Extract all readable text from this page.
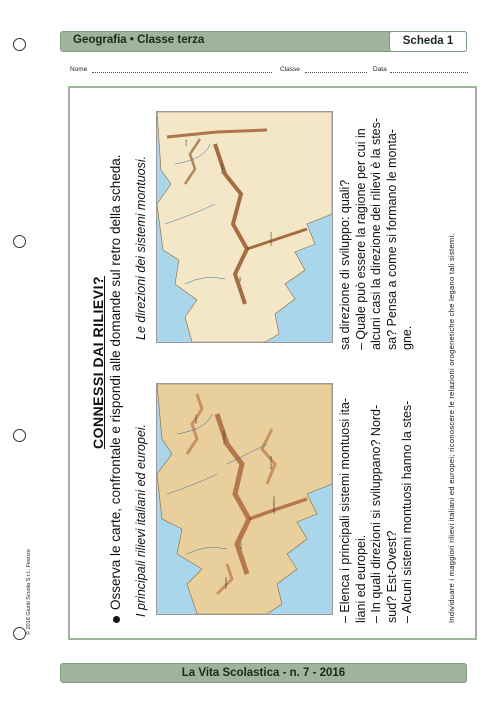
Geografia • Classe terza	Scheda 1
Nome	Classe	Data
CONNESSI DAI RILIEVI? Osserva le carte, confrontale e rispondi alle domande sul retro della scheda. I principali rilievi italiani ed europei.
Le direzioni dei sistemi montuosi.
ALPI
APPENNINO
CARPAZI
PIRENEI
BALCANI
URALI
Alpi
Appennino
Carpazi
Urali
– Elenca i principali sistemi montuosi ita- liani ed europei. – In quali direzioni si sviluppano? Nord- sud? Est-Ovest? – Alcuni sistemi montuosi hanno la stes-
sa direzione di sviluppo: quali? – Quale può essere la ragione per cui in alcuni casi la direzione dei rilievi è la stes- sa? Pensa a come si formano le monta- gne.	Individuare i maggiori rilievi italiani ed europei; riconoscere le relazioni orogenetiche che legano tali sistemi.
© 2016 Giunti Scuola S.r.l., Firenze
La Vita Scolastica - n. 7 - 2016
